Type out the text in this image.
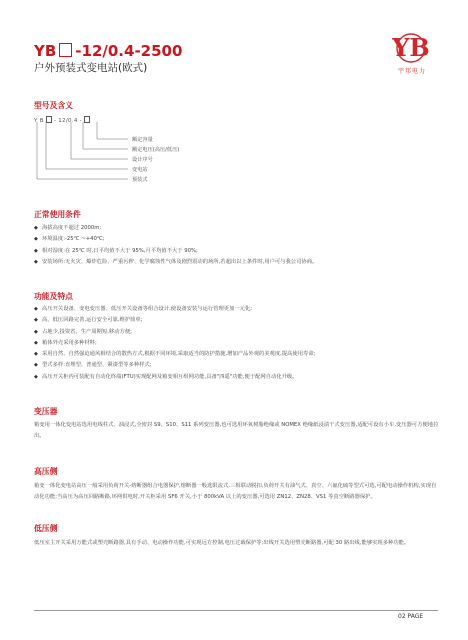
YB -12/0.4-2500
户外预装式变电站(欧式)
YB
宇邦电力
型号及含义
Y B - 12/0.4 -
额定容量
额定电压(高压/低压)
设计序号
变电站
预装式
正常使用条件
◆ 海拔高度不超过 2000m;
◆ 环境温度:-25℃ ~+40℃;
◆ 相对湿度:在 25℃ 时,日平均值不大于 95%,月平均值不大于 90%;
◆ 安装场所:无火灾、爆炸危险、严重污秽、化学腐蚀性气体及剧烈震动的场所,若超出以上条件时,用户可与我公司协商。
功能及特点
◆ 高压开关设备、变电变压器、低压开关设备等组合设计,使设备安装与运行管理更加一元化;
◆ 高、低压回路完善,运行安全可靠,维护简单;
◆ 占地少,投资省、生产周期短,移动方便;
◆ 箱体外壳采用多种材料;
◆ 采用自然、自然强迫通风相结合的散热方式,根据不同环境,采取适当的防护措施,增加产品外观的美观度,提高使用寿命;
◆ 型式多样:直埋型、普通型、紧凑型等多种样式;
◆ 高压开关柜内可装配有自动化终端(FTU)实现配网及箱变相互组网功能,具备"四遥"功能,便于配网自动化升级。
变压器
箱变用一体化变电站选用电线柱式、油浸式,全密封 S9、S10、S11 系列变压器,也可选用环氧树脂绝缘或 NOMEX 绝缘纸浸渍干式变压器,适配可设有小车,变压器可方便地拉出。
高压侧
箱变一体化变电站高压一般采用负荷开关-熔断器组合电器保护,熔断器一般选限流式,三相联动脱扣,负荷开关有油气式、真空、六氟化硫等型式可选,可配电动操作机构,实现自动化功能;当高压为高压回路断路,环网供电时,开关柜采用 SF6 开关,小于 800kVA 以上的变压器,可选用 ZN12、ZN28、VS1 等真空断路器保护。
低压侧
低压室主开关采用万能式或塑壳断路器,具有手动、电动操作功能,可实现远方控制,电压过载保护等;出线开关选用塑壳断路器,可配 30 路出线,能够实现多种功能。
02 PAGE
